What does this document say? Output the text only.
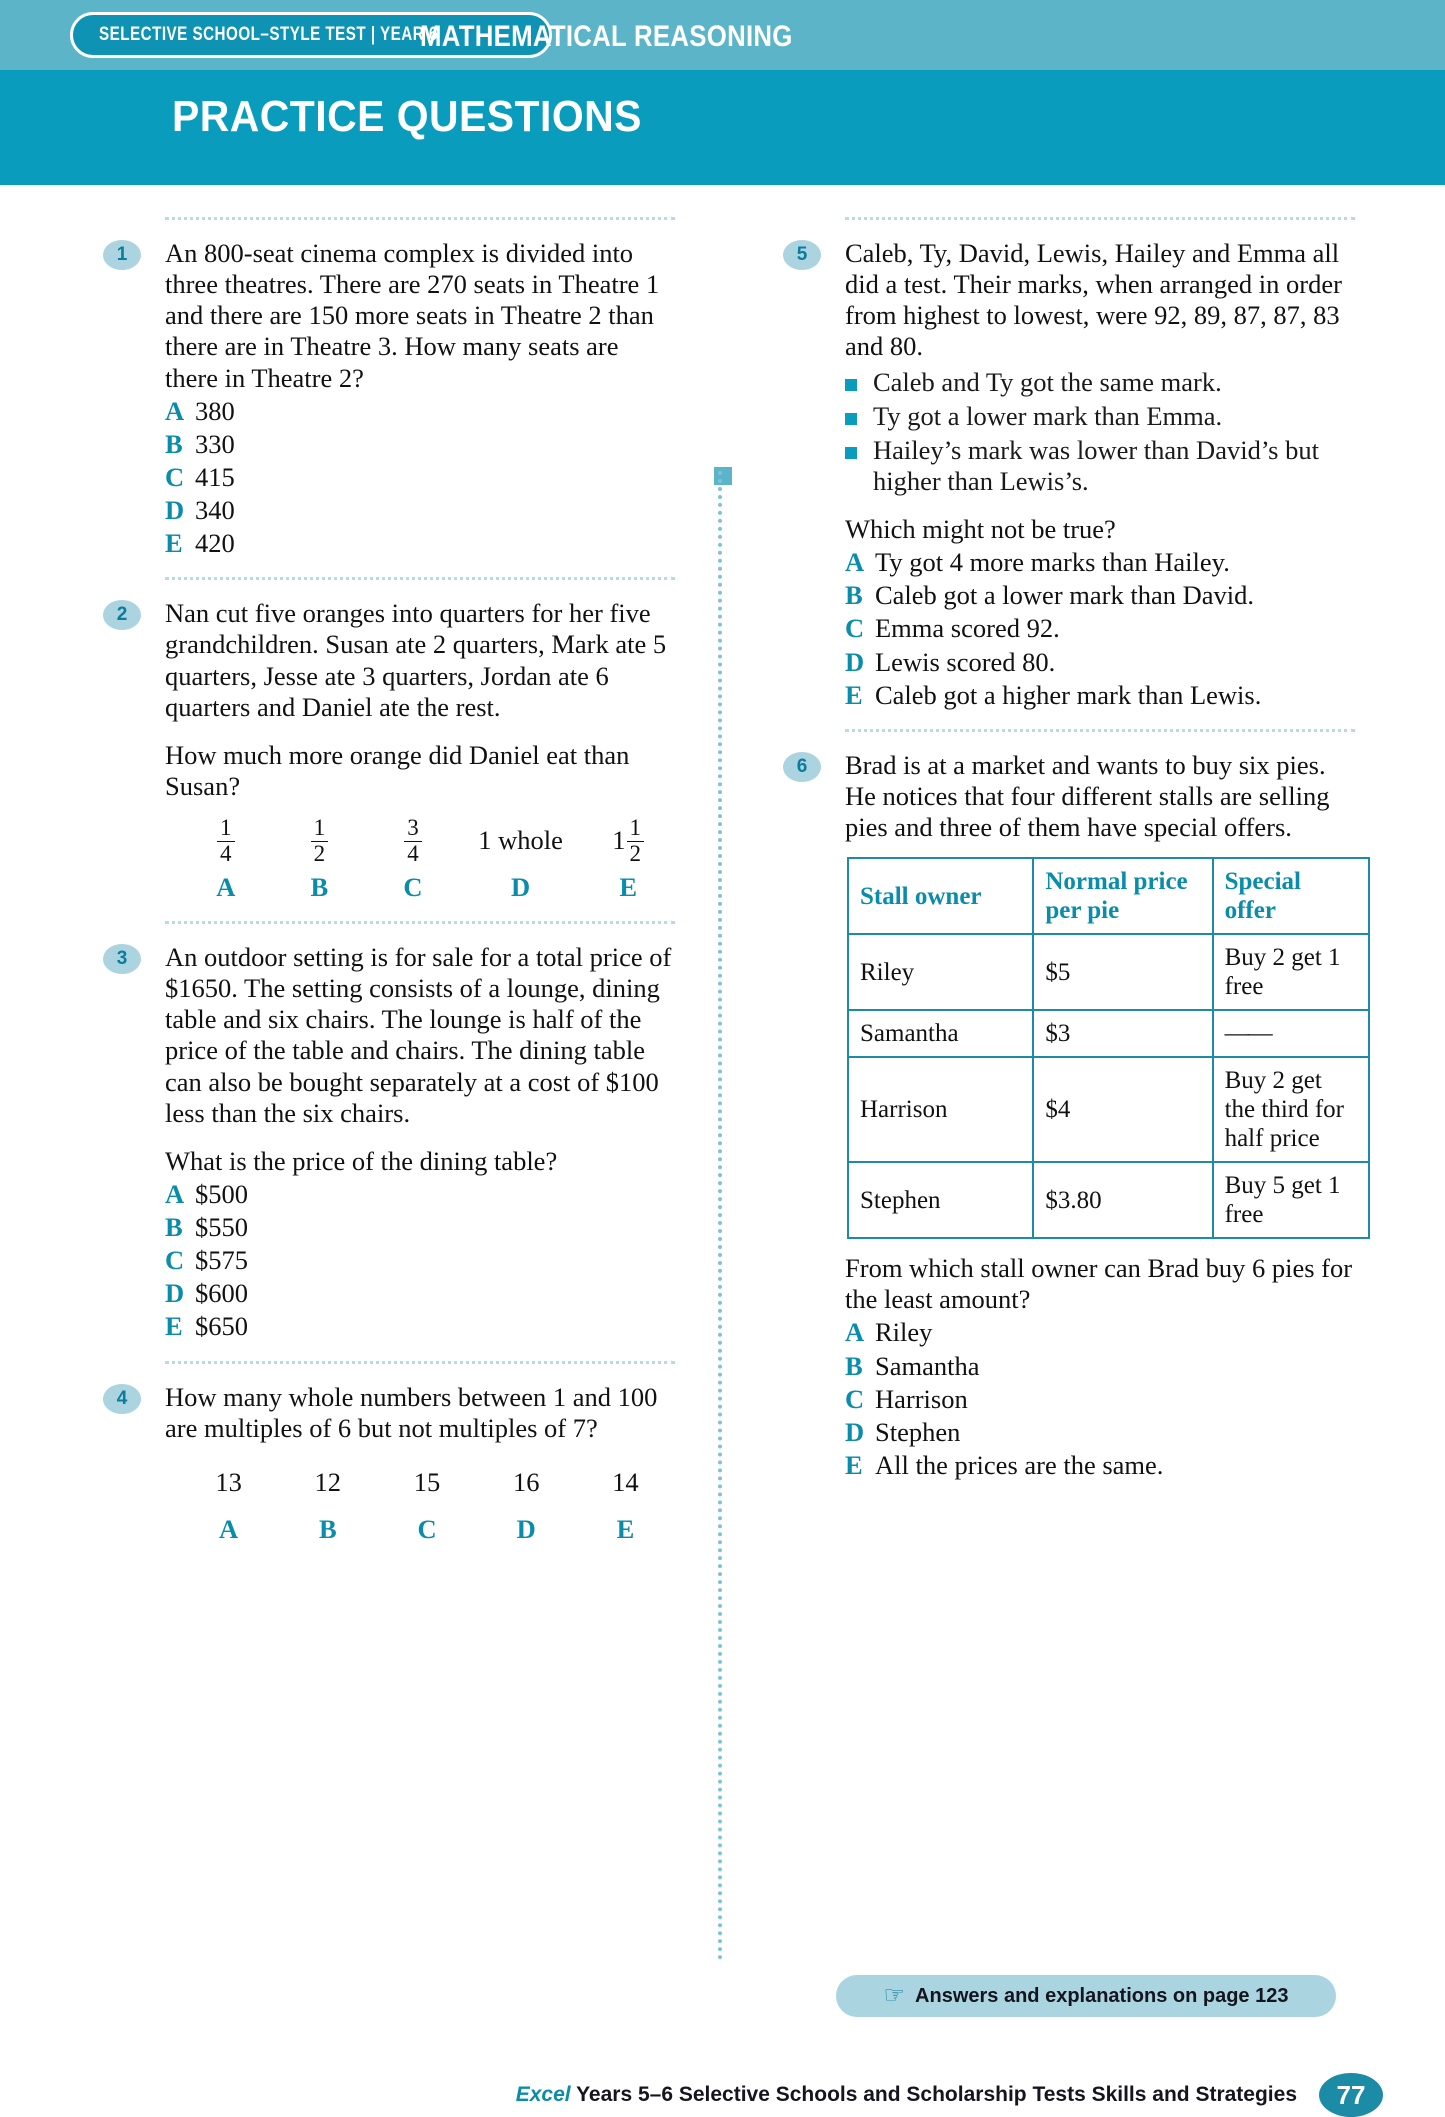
SELECTIVE SCHOOL–STYLE TEST | YEAR 6
MATHEMATICAL REASONING
PRACTICE QUESTIONS
1	An 800-seat cinema complex is divided into three theatres. There are 270 seats in Theatre 1 and there are 150 more seats in Theatre 2 than there are in Theatre 3. How many seats are there in Theatre 2?

A 380
B 330
C 415
D 340
E 420
2	Nan cut five oranges into quarters for her five grandchildren. Susan ate 2 quarters, Mark ate 5 quarters, Jesse ate 3 quarters, Jordan ate 6 quarters and Daniel ate the rest.

How much more orange did Daniel eat than Susan?

$\frac{1}{4}$
A
$\frac{1}{2}$
B
$\frac{3}{4}$
C
1 whole
D
$1 \frac{1}{2}$
E
3	An outdoor setting is for sale for a total price of $1650. The setting consists of a lounge, dining table and six chairs. The lounge is half of the price of the table and chairs. The dining table can also be bought separately at a cost of $100 less than the six chairs.

What is the price of the dining table?

A $500
B $550
C $575
D $600
E $650
4	How many whole numbers between 1 and 100 are multiples of 6 but not multiples of 7?

13
A
12
B
15
C
16
D
14
E
5	Caleb, Ty, David, Lewis, Hailey and Emma all did a test. Their marks, when arranged in order from highest to lowest, were 92, 89, 87, 87, 83 and 80.

Caleb and Ty got the same mark.
Ty got a lower mark than Emma.
Hailey’s mark was lower than David’s but higher than Lewis’s.

Which might not be true?

A Ty got 4 more marks than Hailey.
B Caleb got a lower mark than David.
C Emma scored 92.
D Lewis scored 80.
E Caleb got a higher mark than Lewis.
6	Brad is at a market and wants to buy six pies. He notices that four different stalls are selling pies and three of them have special offers.

Stall owner	Normal price per pie	Special offer
Riley	$5	Buy 2 get 1 free
Samantha	$3	——
Harrison	$4	Buy 2 get the third for half price
Stephen	$3.80	Buy 5 get 1 free

From which stall owner can Brad buy 6 pies for the least amount?

A Riley
B Samantha
C Harrison
D Stephen
E All the prices are the same.
☞ Answers and explanations on page 123
Excel Years 5–6 Selective Schools and Scholarship Tests Skills and Strategies	77
